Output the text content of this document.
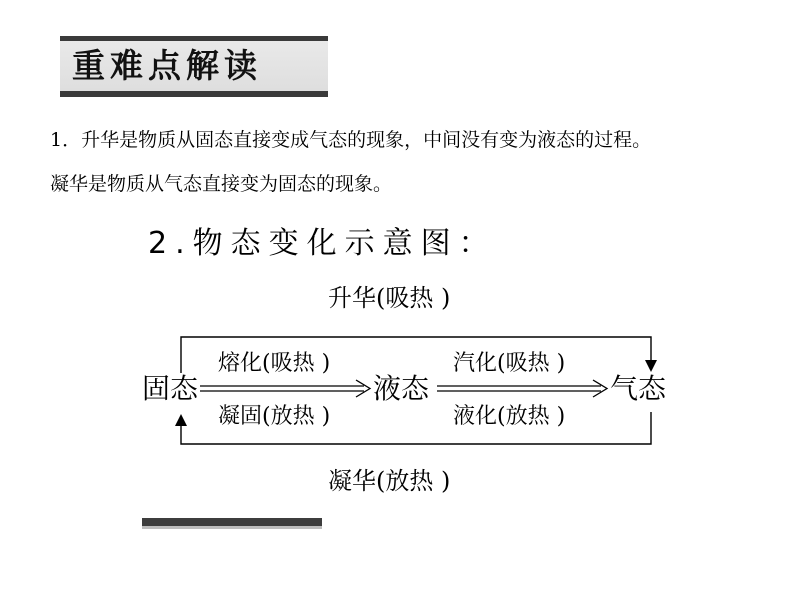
重难点解读
1．升华是物质从固态直接变成气态的现象，中间没有变为液态的过程。
凝华是物质从气态直接变为固态的现象。
2.物态变化示意图：
升华(吸热 )
凝华(放热 )
熔化(吸热 )
凝固(放热 )
汽化(吸热 )
液化(放热 )
固态	液态	气态
